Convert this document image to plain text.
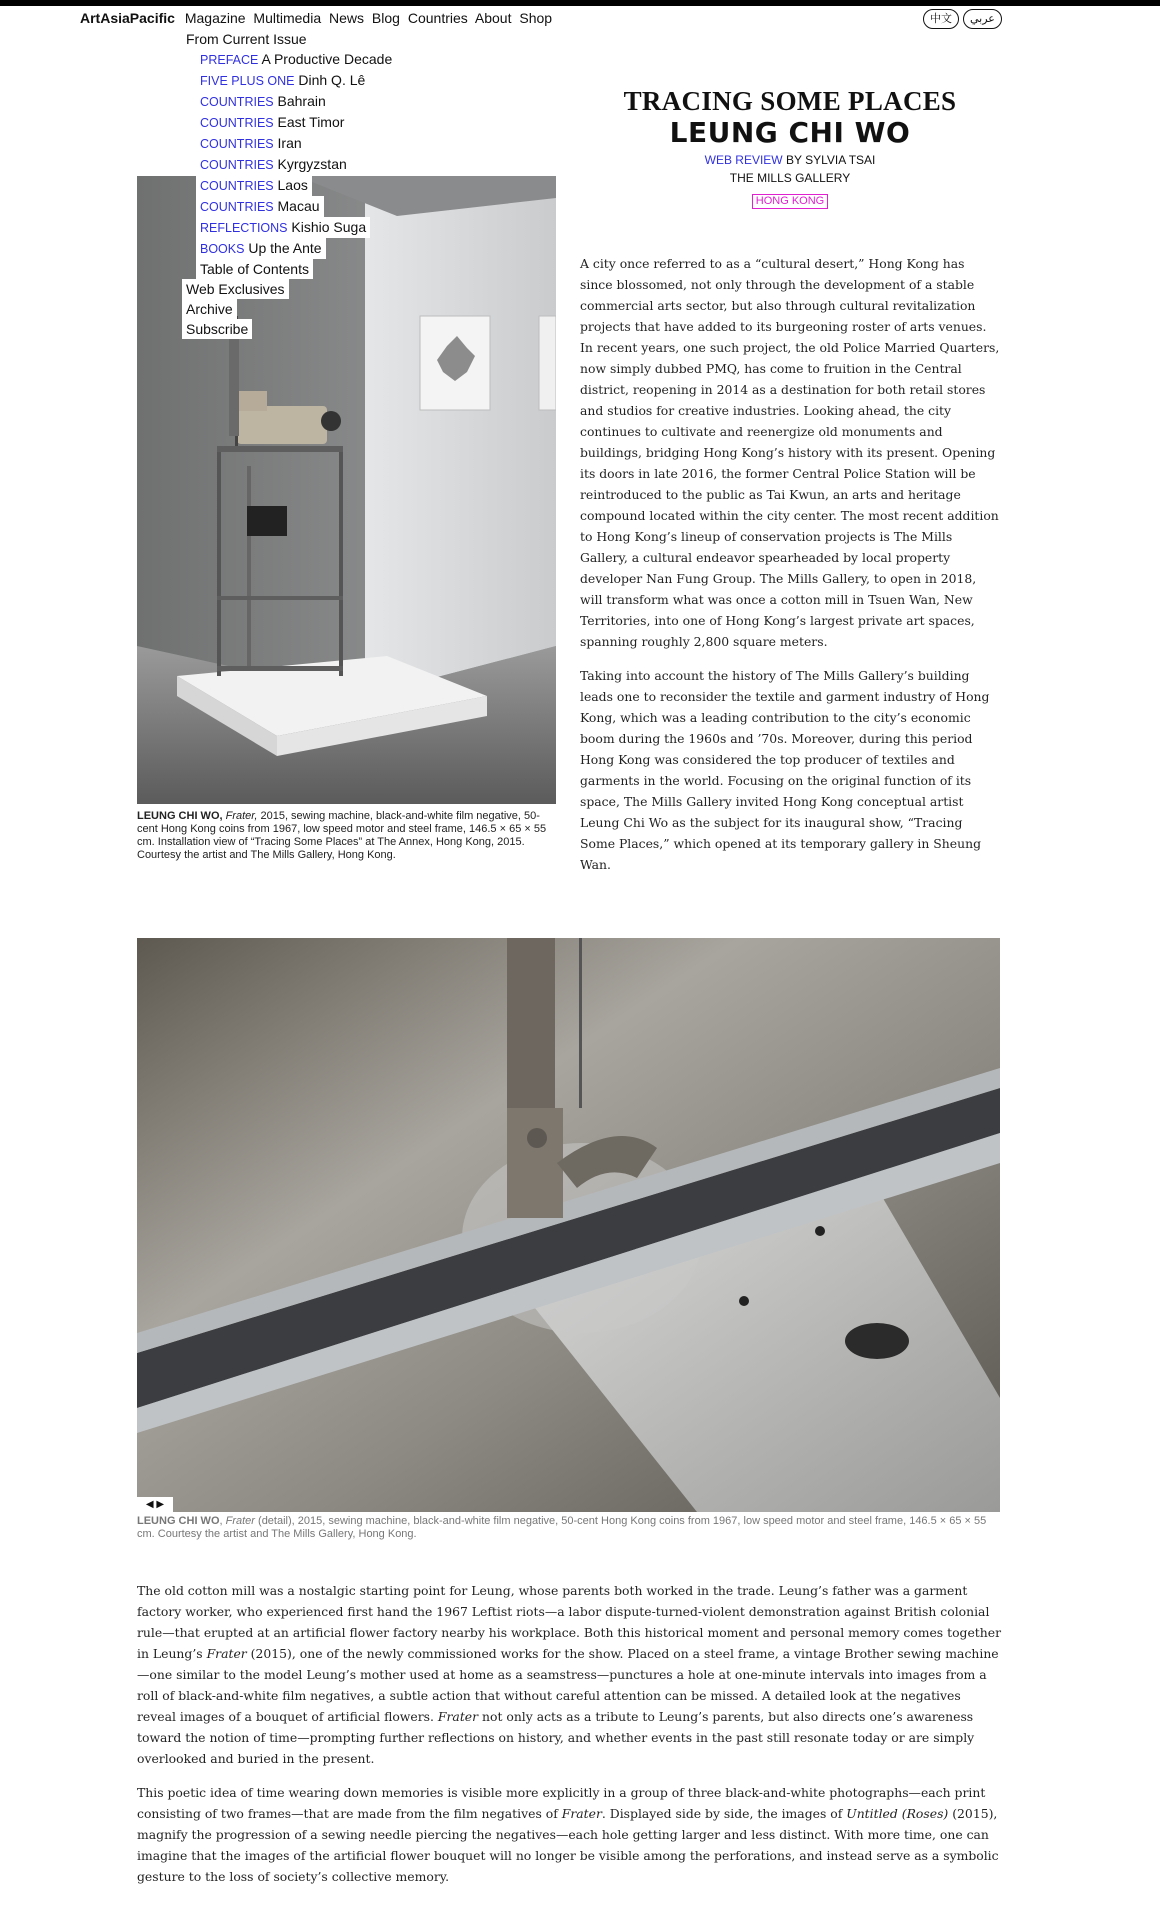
ArtAsiaPacific Magazine Multimedia News Blog Countries About Shop	中文	عربي
From Current Issue
PREFACE A Productive Decade
FIVE PLUS ONE Dinh Q. Lê
COUNTRIES Bahrain
COUNTRIES East Timor
COUNTRIES Iran
COUNTRIES Kyrgyzstan
COUNTRIES Laos
COUNTRIES Macau
REFLECTIONS Kishio Suga
BOOKS Up the Ante
Table of Contents
Web Exclusives
Archive
Subscribe
LEUNG CHI WO, Frater, 2015, sewing machine, black-and-white film negative, 50-cent Hong Kong coins from 1967, low speed motor and steel frame, 146.5 × 65 × 55 cm. Installation view of “Tracing Some Places” at The Annex, Hong Kong, 2015. Courtesy the artist and The Mills Gallery, Hong Kong.
TRACING SOME PLACES
LEUNG CHI WO
WEB REVIEW BY SYLVIA TSAI
THE MILLS GALLERY
HONG KONG

A city once referred to as a “cultural desert,” Hong Kong has since blossomed, not only through the development of a stable commercial arts sector, but also through cultural revitalization projects that have added to its burgeoning roster of arts venues. In recent years, one such project, the old Police Married Quarters, now simply dubbed PMQ, has come to fruition in the Central district, reopening in 2014 as a destination for both retail stores and studios for creative industries. Looking ahead, the city continues to cultivate and reenergize old monuments and buildings, bridging Hong Kong’s history with its present. Opening its doors in late 2016, the former Central Police Station will be reintroduced to the public as Tai Kwun, an arts and heritage compound located within the city center. The most recent addition to Hong Kong’s lineup of conservation projects is The Mills Gallery, a cultural endeavor spearheaded by local property developer Nan Fung Group. The Mills Gallery, to open in 2018, will transform what was once a cotton mill in Tsuen Wan, New Territories, into one of Hong Kong’s largest private art spaces, spanning roughly 2,800 square meters.

Taking into account the history of The Mills Gallery’s building leads one to reconsider the textile and garment industry of Hong Kong, which was a leading contribution to the city’s economic boom during the 1960s and ’70s. Moreover, during this period Hong Kong was considered the top producer of textiles and garments in the world. Focusing on the original function of its space, The Mills Gallery invited Hong Kong conceptual artist Leung Chi Wo as the subject for its inaugural show, “Tracing Some Places,” which opened at its temporary gallery in Sheung Wan.

◀ ▶
LEUNG CHI WO, Frater (detail), 2015, sewing machine, black-and-white film negative, 50-cent Hong Kong coins from 1967, low speed motor and steel frame, 146.5 × 65 × 55 cm. Courtesy the artist and The Mills Gallery, Hong Kong.

The old cotton mill was a nostalgic starting point for Leung, whose parents both worked in the trade. Leung’s father was a garment factory worker, who experienced first hand the 1967 Leftist riots—a labor dispute-turned-violent demonstration against British colonial rule—that erupted at an artificial flower factory nearby his workplace. Both this historical moment and personal memory comes together in Leung’s Frater (2015), one of the newly commissioned works for the show. Placed on a steel frame, a vintage Brother sewing machine—one similar to the model Leung’s mother used at home as a seamstress—punctures a hole at one-minute intervals into images from a roll of black-and-white film negatives, a subtle action that without careful attention can be missed. A detailed look at the negatives reveal images of a bouquet of artificial flowers. Frater not only acts as a tribute to Leung’s parents, but also directs one’s awareness toward the notion of time—prompting further reflections on history, and whether events in the past still resonate today or are simply overlooked and buried in the present.

This poetic idea of time wearing down memories is visible more explicitly in a group of three black-and-white photographs—each print consisting of two frames—that are made from the film negatives of Frater. Displayed side by side, the images of Untitled (Roses) (2015), magnify the progression of a sewing needle piercing the negatives—each hole getting larger and less distinct. With more time, one can imagine that the images of the artificial flower bouquet will no longer be visible among the perforations, and instead serve as a symbolic gesture to the loss of society’s collective memory.
